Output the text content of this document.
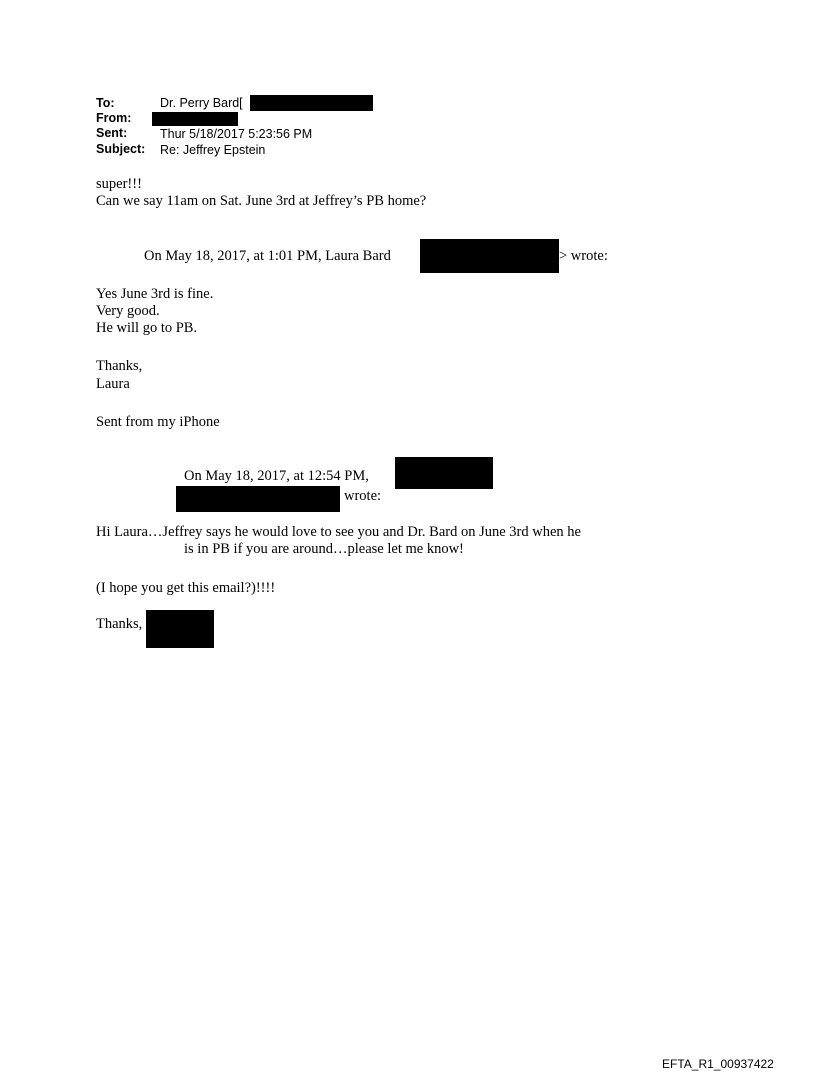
To:	Dr. Perry Bard[
From:
Sent:	Thur 5/18/2017 5:23:56 PM
Subject: Re: Jeffrey Epstein
super!!!
Can we say 11am on Sat. June 3rd at Jeffrey’s PB home?
On May 18, 2017, at 1:01 PM, Laura Bard	> wrote:
Yes June 3rd is fine.
Very good.
He will go to PB.
Thanks,
Laura
Sent from my iPhone
On May 18, 2017, at 12:54 PM,
wrote:
Hi Laura…Jeffrey says he would love to see you and Dr. Bard on June 3rd when he
is in PB if you are around…please let me know!
(I hope you get this email?)!!!!
Thanks,
EFTA_R1_00937422
